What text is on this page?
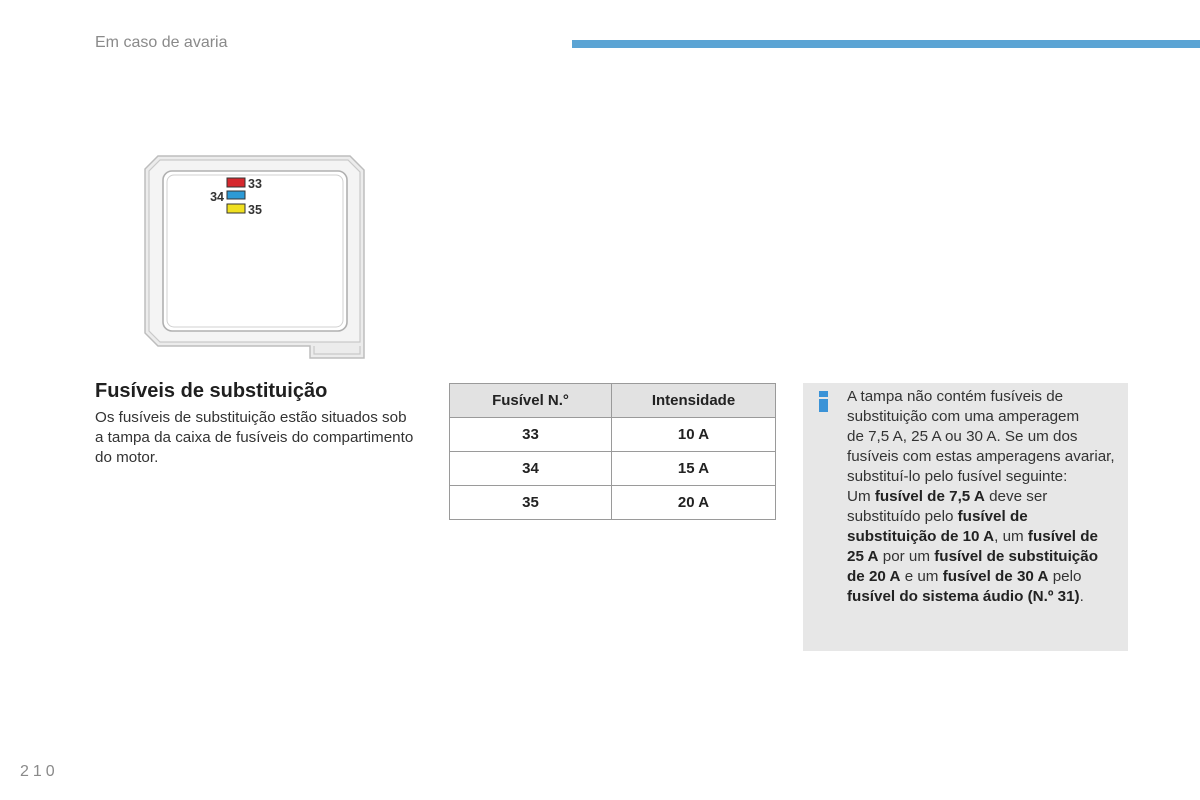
Em caso de avaria
33
34
35
Fusíveis de substituição
Os fusíveis de substituição estão situados sob
a tampa da caixa de fusíveis do compartimento
do motor.
Fusível N.°	Intensidade
33	10 A
34	15 A
35	20 A
A tampa não contém fusíveis de
substituição com uma amperagem
de 7,5 A, 25 A ou 30 A. Se um dos
fusíveis com estas amperagens avariar,
substituí-lo pelo fusível seguinte:
Um fusível de 7,5 A deve ser
substituído pelo fusível de
substituição de 10 A, um fusível de
25 A por um fusível de substituição
de 20 A e um fusível de 30 A pelo
fusível do sistema áudio (N.º 31).
210
